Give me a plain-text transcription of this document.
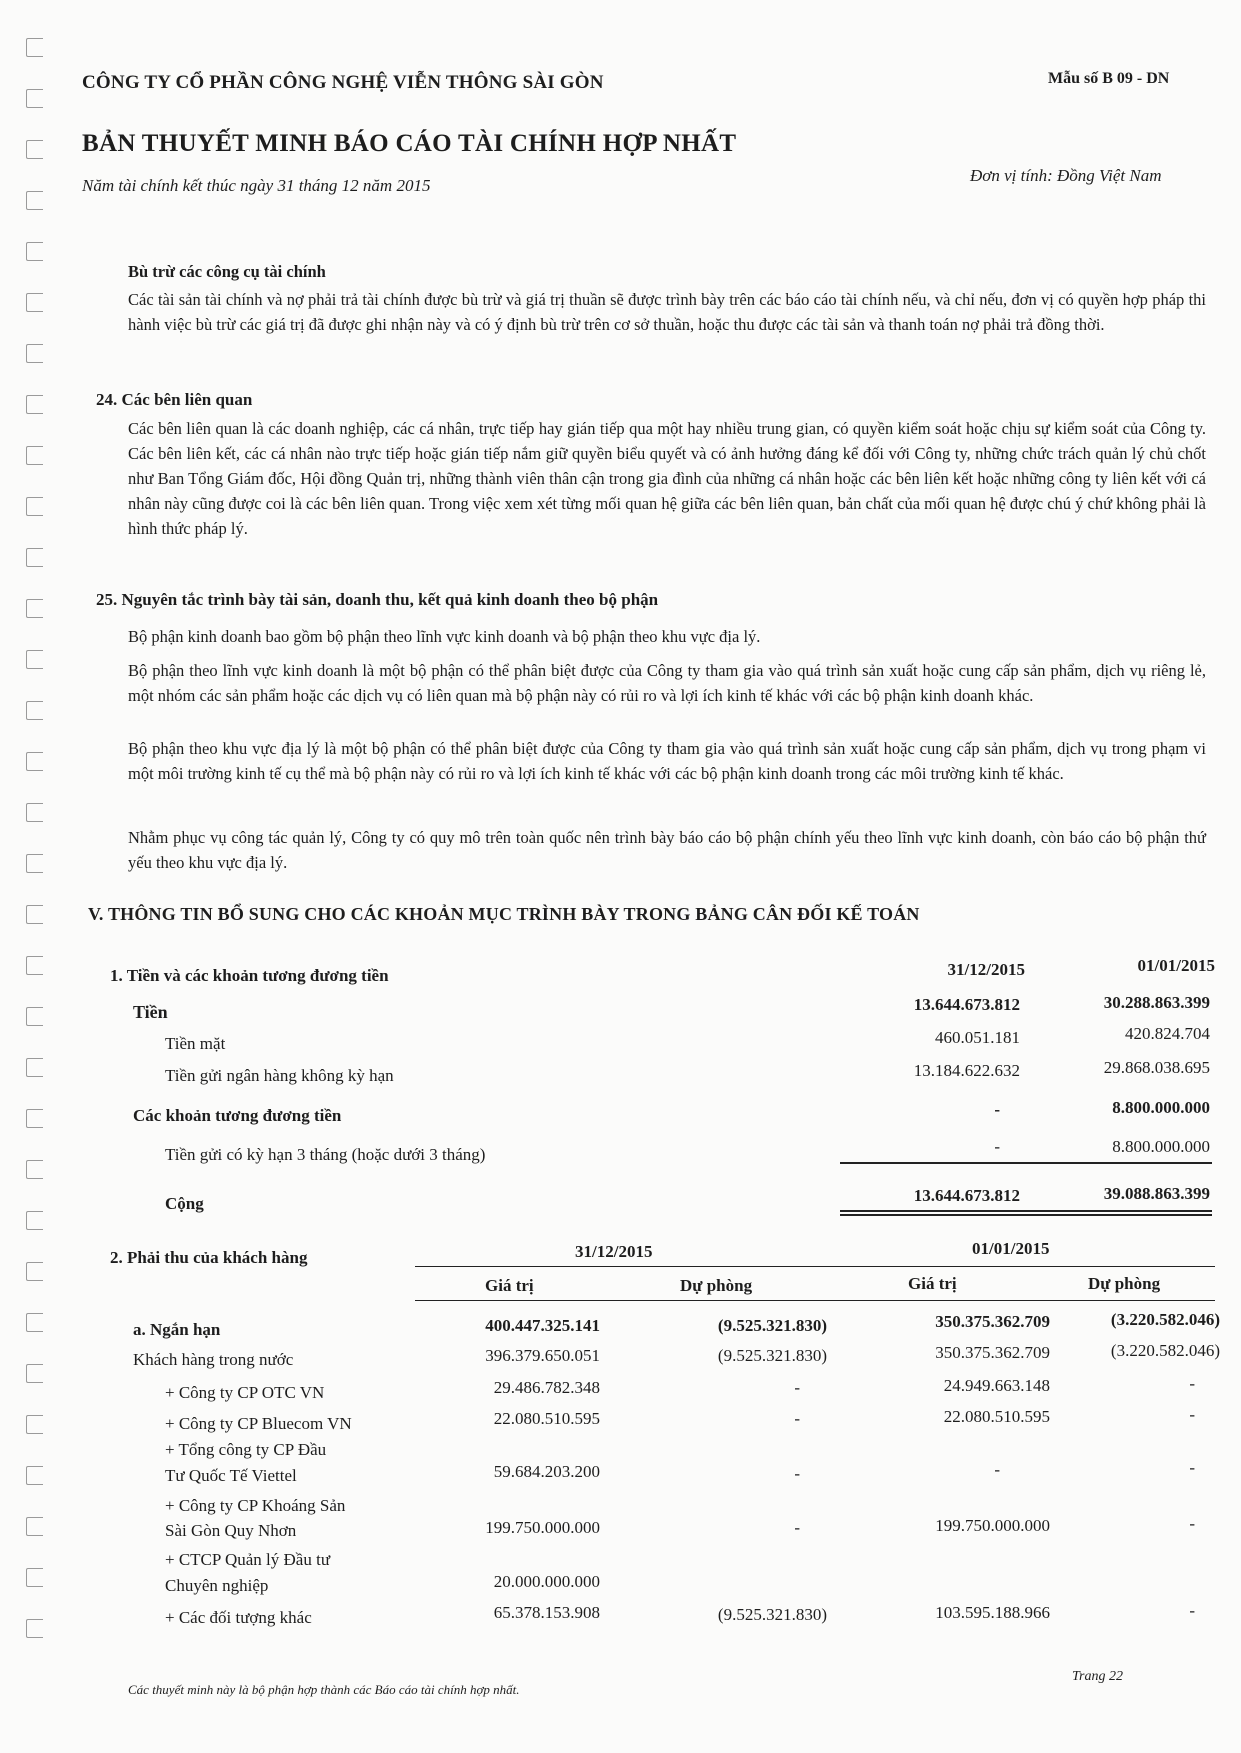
CÔNG TY CỔ PHẦN CÔNG NGHỆ VIỄN THÔNG SÀI GÒN	Mẫu số B 09 - DN
BẢN THUYẾT MINH BÁO CÁO TÀI CHÍNH HỢP NHẤT
Năm tài chính kết thúc ngày 31 tháng 12 năm 2015
Đơn vị tính: Đồng Việt Nam
Bù trừ các công cụ tài chính
Các tài sản tài chính và nợ phải trả tài chính được bù trừ và giá trị thuần sẽ được trình bày trên các báo cáo tài chính nếu, và chỉ nếu, đơn vị có quyền hợp pháp thi hành việc bù trừ các giá trị đã được ghi nhận này và có ý định bù trừ trên cơ sở thuần, hoặc thu được các tài sản và thanh toán nợ phải trả đồng thời.
24. Các bên liên quan
Các bên liên quan là các doanh nghiệp, các cá nhân, trực tiếp hay gián tiếp qua một hay nhiều trung gian, có quyền kiểm soát hoặc chịu sự kiểm soát của Công ty. Các bên liên kết, các cá nhân nào trực tiếp hoặc gián tiếp nắm giữ quyền biểu quyết và có ảnh hưởng đáng kể đối với Công ty, những chức trách quản lý chủ chốt như Ban Tổng Giám đốc, Hội đồng Quản trị, những thành viên thân cận trong gia đình của những cá nhân hoặc các bên liên kết hoặc những công ty liên kết với cá nhân này cũng được coi là các bên liên quan. Trong việc xem xét từng mối quan hệ giữa các bên liên quan, bản chất của mối quan hệ được chú ý chứ không phải là hình thức pháp lý.
25. Nguyên tắc trình bày tài sản, doanh thu, kết quả kinh doanh theo bộ phận
Bộ phận kinh doanh bao gồm bộ phận theo lĩnh vực kinh doanh và bộ phận theo khu vực địa lý.
Bộ phận theo lĩnh vực kinh doanh là một bộ phận có thể phân biệt được của Công ty tham gia vào quá trình sản xuất hoặc cung cấp sản phẩm, dịch vụ riêng lẻ, một nhóm các sản phẩm hoặc các dịch vụ có liên quan mà bộ phận này có rủi ro và lợi ích kinh tế khác với các bộ phận kinh doanh khác.
Bộ phận theo khu vực địa lý là một bộ phận có thể phân biệt được của Công ty tham gia vào quá trình sản xuất hoặc cung cấp sản phẩm, dịch vụ trong phạm vi một môi trường kinh tế cụ thể mà bộ phận này có rủi ro và lợi ích kinh tế khác với các bộ phận kinh doanh trong các môi trường kinh tế khác.
Nhằm phục vụ công tác quản lý, Công ty có quy mô trên toàn quốc nên trình bày báo cáo bộ phận chính yếu theo lĩnh vực kinh doanh, còn báo cáo bộ phận thứ yếu theo khu vực địa lý.
V. THÔNG TIN BỔ SUNG CHO CÁC KHOẢN MỤC TRÌNH BÀY TRONG BẢNG CÂN ĐỐI KẾ TOÁN
1. Tiền và các khoản tương đương tiền	31/12/2015	01/01/2015
Tiền	13.644.673.812	30.288.863.399
Tiền mặt	460.051.181	420.824.704
Tiền gửi ngân hàng không kỳ hạn	13.184.622.632	29.868.038.695
Các khoản tương đương tiền	-	8.800.000.000
Tiền gửi có kỳ hạn 3 tháng (hoặc dưới 3 tháng)	-	8.800.000.000
Cộng	13.644.673.812	39.088.863.399
2. Phải thu của khách hàng	31/12/2015	01/01/2015
Giá trị	Dự phòng	Giá trị	Dự phòng
a. Ngắn hạn	400.447.325.141	(9.525.321.830)	350.375.362.709	(3.220.582.046)
Khách hàng trong nước	396.379.650.051	(9.525.321.830)	350.375.362.709	(3.220.582.046)
+ Công ty CP OTC VN	29.486.782.348	-	24.949.663.148	-
+ Công ty CP Bluecom VN	22.080.510.595	-	22.080.510.595	-
+ Tổng công ty CP Đầu
Tư Quốc Tế Viettel	59.684.203.200	-	-	-
+ Công ty CP Khoáng Sản
Sài Gòn Quy Nhơn	199.750.000.000	-	199.750.000.000	-
+ CTCP Quản lý Đầu tư
Chuyên nghiệp	20.000.000.000
+ Các đối tượng khác	65.378.153.908	(9.525.321.830)	103.595.188.966	-
Các thuyết minh này là bộ phận hợp thành các Báo cáo tài chính hợp nhất.
Trang 22
